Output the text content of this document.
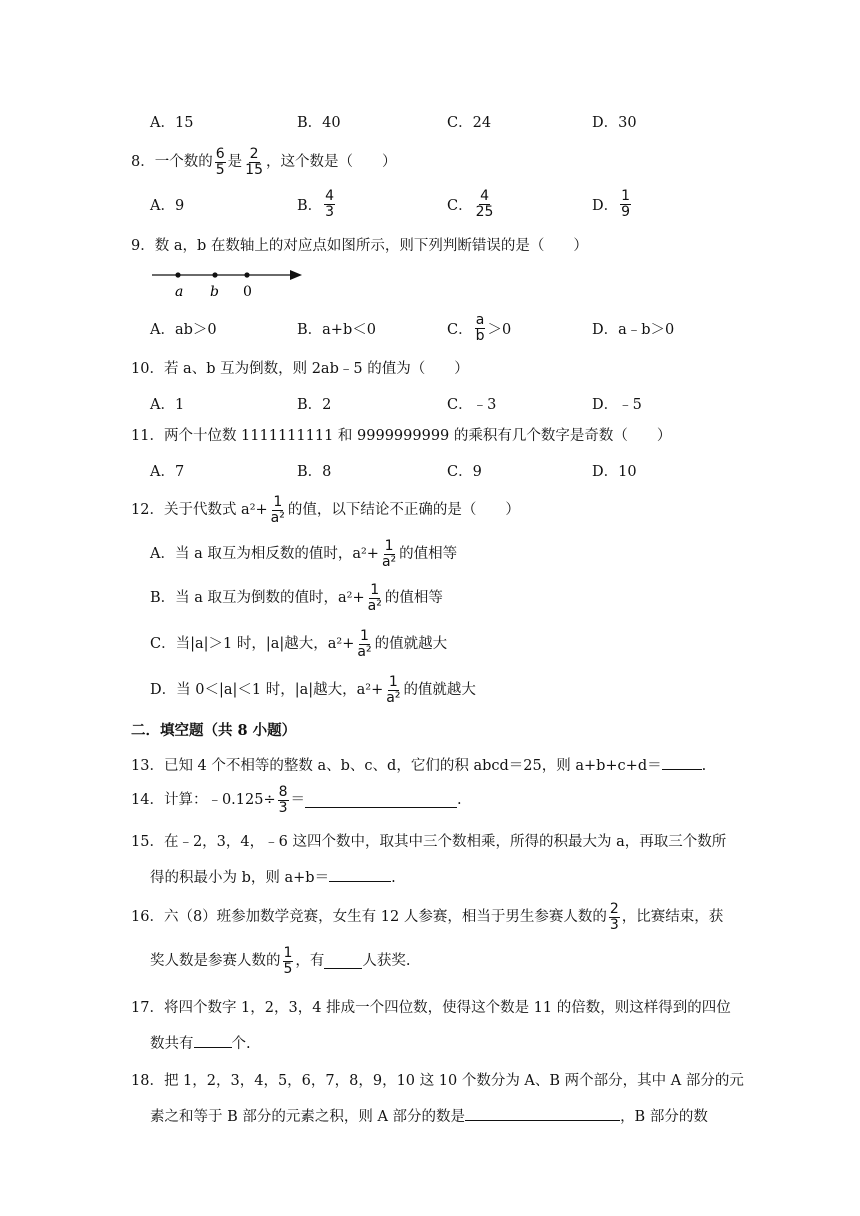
A．15	B．40	C．24	D．30
8．一个数的 $\frac{6}{5}$ 是 $\frac{2}{15}$ ，这个数是（　　）
A．9	B． $\frac{4}{3}$	C． $\frac{4}{25}$	D． $\frac{1}{9}$
9．数 a，b 在数轴上的对应点如图所示，则下列判断错误的是（　　）
a b 0
A．ab＞0	B．a+b＜0	C． $\frac{a}{b} >0$	D．a﹣b＞0
10．若 a、b 互为倒数，则 2ab﹣5 的值为（　　）
A．1	B．2	C．﹣3	D．﹣5
11．两个十位数 1111111111 和 9999999999 的乘积有几个数字是奇数（　　）
A．7	B．8	C．9	D．10
12．关于代数式 $a^2+ \frac{1}{\text{a²}}$ 的值，以下结论不正确的是（　　）
A．当 a 取互为相反数的值时，$a^2+ \frac{1}{\text{a²}}$ 的值相等
B．当 a 取互为倒数的值时，$a^2+ \frac{1}{\text{a²}}$ 的值相等
C．当|a|＞1 时，|a|越大，$a^2+ \frac{1}{\text{a²}}$ 的值就越大
D．当 0＜|a|＜1 时，|a|越大，$a^2+ \frac{1}{\text{a²}}$ 的值就越大
二．填空题（共 8 小题）
13．已知 4 个不相等的整数 a、b、c、d，它们的积 abcd＝25，则 a+b+c+d＝	.
14．计算：﹣0.125÷ $\frac{8}{3}$ ＝	.
15．在﹣2，3，4，﹣6 这四个数中，取其中三个数相乘，所得的积最大为 a，再取三个数所
得的积最小为 b，则 a+b＝	.
16．六（8）班参加数学竞赛，女生有 12 人参赛，相当于男生参赛人数的 $\frac{2}{3}$ ，比赛结束，获
奖人数是参赛人数的 $\frac{1}{5}$ ，有	人获奖.
17．将四个数字 1，2，3，4 排成一个四位数，使得这个数是 11 的倍数，则这样得到的四位
数共有	个.
18．把 1，2，3，4，5，6，7，8，9，10 这 10 个数分为 A、B 两个部分，其中 A 部分的元
素之和等于 B 部分的元素之积，则 A 部分的数是	，B 部分的数
